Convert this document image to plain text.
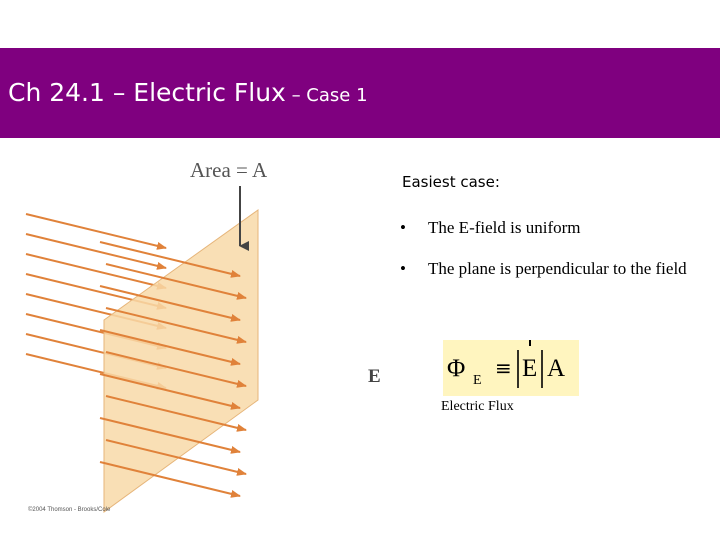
Ch 24.1 – Electric Flux – Case 1
Area = A
E
©2004 Thomson - Brooks/Cole
Easiest case:
• The E-field is uniform
• The plane is perpendicular to the field
Φ E
≡ E A
Electric Flux
